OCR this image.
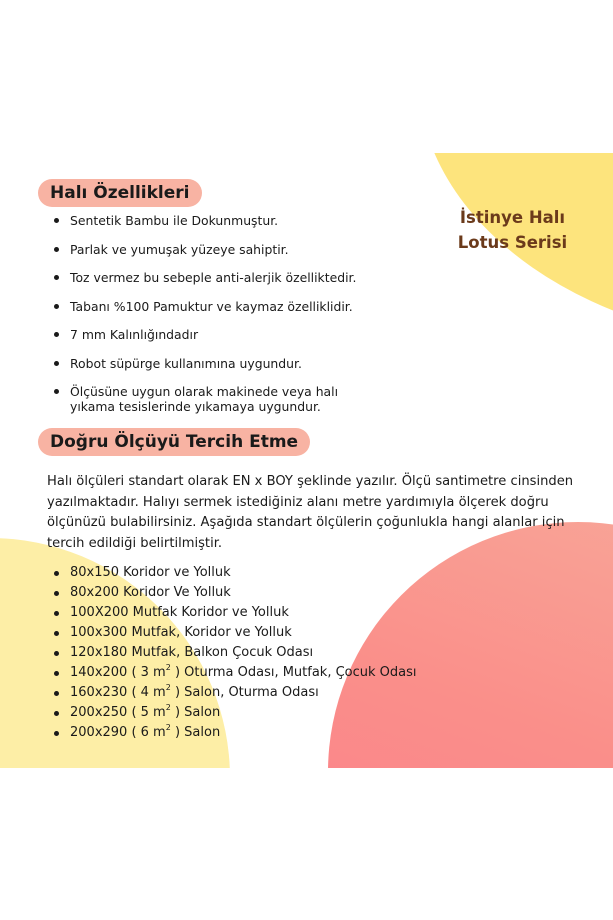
İstinye Halı
Lotus Serisi
Halı Özellikleri
Sentetik Bambu ile Dokunmuştur.
Parlak ve yumuşak yüzeye sahiptir.
Toz vermez bu sebeple anti-alerjik özelliktedir.
Tabanı %100 Pamuktur ve kaymaz özelliklidir.
7 mm Kalınlığındadır
Robot süpürge kullanımına uygundur.
Ölçüsüne uygun olarak makinede veya halı yıkama tesislerinde yıkamaya uygundur.
Doğru Ölçüyü Tercih Etme
Halı ölçüleri standart olarak EN x BOY şeklinde yazılır. Ölçü santimetre cinsinden yazılmaktadır. Halıyı sermek istediğiniz alanı metre yardımıyla ölçerek doğru ölçünüzü bulabilirsiniz. Aşağıda standart ölçülerin çoğunlukla hangi alanlar için tercih edildiği belirtilmiştir.
80x150 Koridor ve Yolluk
80x200 Koridor Ve Yolluk
100X200 Mutfak Koridor ve Yolluk
100x300 Mutfak, Koridor ve Yolluk
120x180 Mutfak, Balkon Çocuk Odası
140x200 ( 3 $m^2$ ) Oturma Odası, Mutfak, Çocuk Odası
160x230 ( 4 $m^2$ ) Salon, Oturma Odası
200x250 ( 5 $m^2$ ) Salon
200x290 ( 6 $m^2$ ) Salon
